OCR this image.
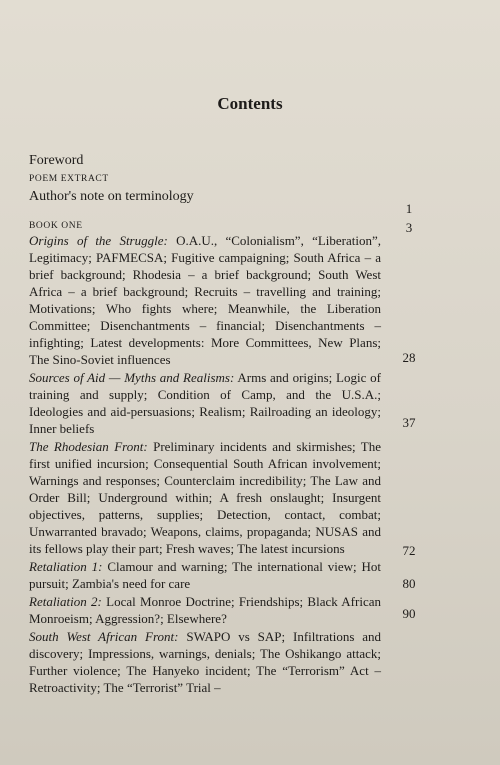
Contents
Foreword
POEM EXTRACT
Author's note on terminology
1
3
28
37
72
80
90
BOOK ONE
Origins of the Struggle: O.A.U., “Colonialism”, “Liberation”, Legitimacy; PAFMECSA; Fugitive campaigning; South Africa – a brief background; Rhodesia – a brief background; South West Africa – a brief background; Recruits – travelling and training; Motivations; Who fights where; Meanwhile, the Liberation Committee; Disenchantments – financial; Disenchantments – infighting; Latest developments: More Committees, New Plans; The Sino-Soviet influences
Sources of Aid — Myths and Realisms: Arms and origins; Logic of training and supply; Condition of Camp, and the U.S.A.; Ideologies and aid-persuasions; Realism; Railroading an ideology; Inner beliefs
The Rhodesian Front: Preliminary incidents and skirmishes; The first unified incursion; Consequential South African involvement; Warnings and responses; Counterclaim incredibility; The Law and Order Bill; Underground within; A fresh onslaught; Insurgent objectives, patterns, supplies; Detection, contact, combat; Unwarranted bravado; Weapons, claims, propaganda; NUSAS and its fellows play their part; Fresh waves; The latest incursions
Retaliation 1: Clamour and warning; The international view; Hot pursuit; Zambia's need for care
Retaliation 2: Local Monroe Doctrine; Friendships; Black African Monroeism; Aggression?; Elsewhere?
South West African Front: SWAPO vs SAP; Infiltrations and discovery; Impressions, warnings, denials; The Oshikango attack; Further violence; The Hanyeko incident; The “Terrorism” Act – Retroactivity; The “Terrorist” Trial –
